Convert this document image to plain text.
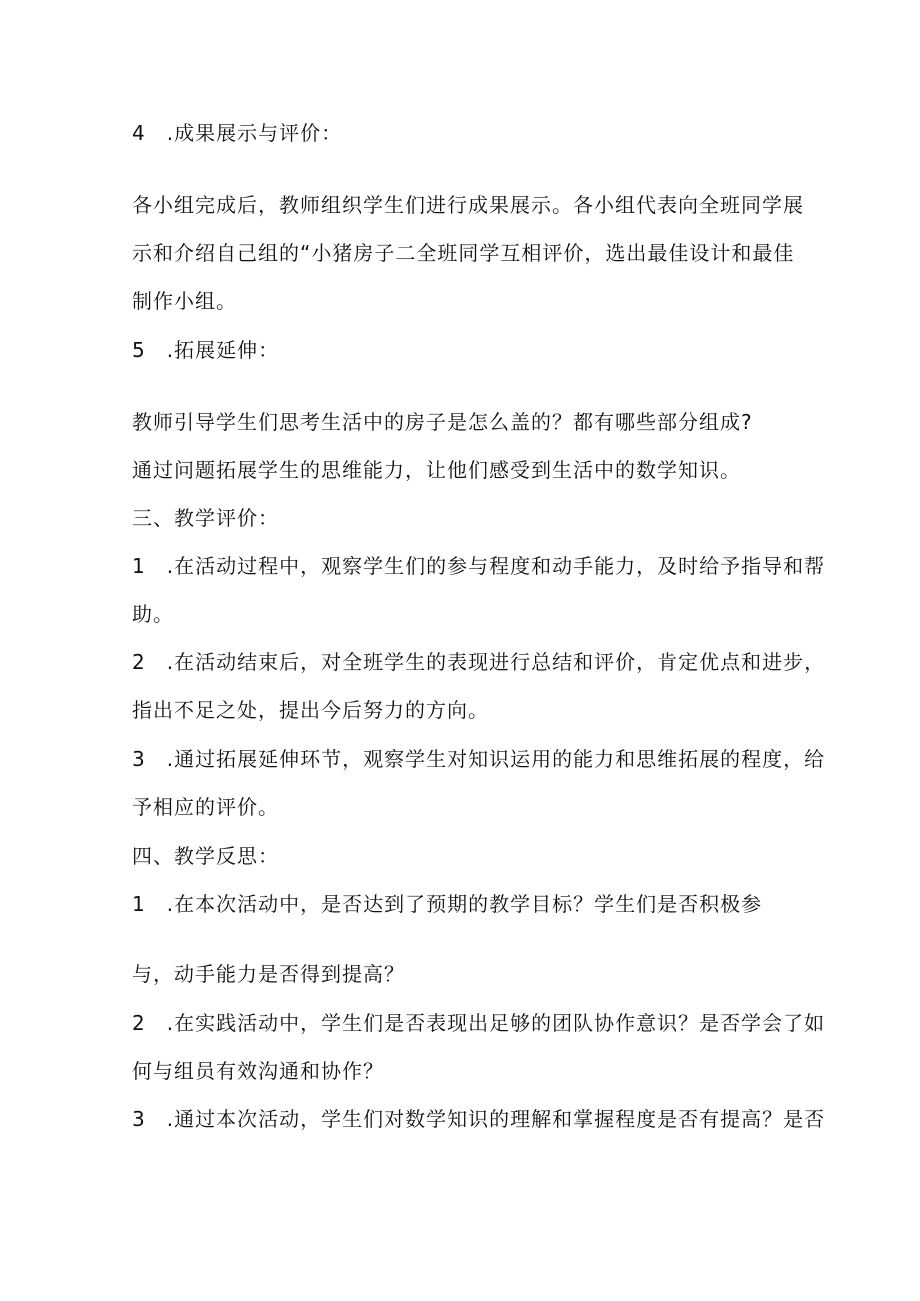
4　.成果展示与评价：
各小组完成后，教师组织学生们进行成果展示。各小组代表向全班同学展
示和介绍自己组的“小猪房子二全班同学互相评价，选出最佳设计和最佳
制作小组。
5　.拓展延伸：
教师引导学生们思考生活中的房子是怎么盖的？都有哪些部分组成?
通过问题拓展学生的思维能力，让他们感受到生活中的数学知识。
三、教学评价：
1　.在活动过程中，观察学生们的参与程度和动手能力，及时给予指导和帮
助。
2　.在活动结束后，对全班学生的表现进行总结和评价，肯定优点和进步，
指出不足之处，提出今后努力的方向。
3　.通过拓展延伸环节，观察学生对知识运用的能力和思维拓展的程度，给
予相应的评价。
四、教学反思：
1　.在本次活动中，是否达到了预期的教学目标？学生们是否积极参
与，动手能力是否得到提高？
2　.在实践活动中，学生们是否表现出足够的团队协作意识？是否学会了如
何与组员有效沟通和协作？
3　.通过本次活动，学生们对数学知识的理解和掌握程度是否有提高？是否
